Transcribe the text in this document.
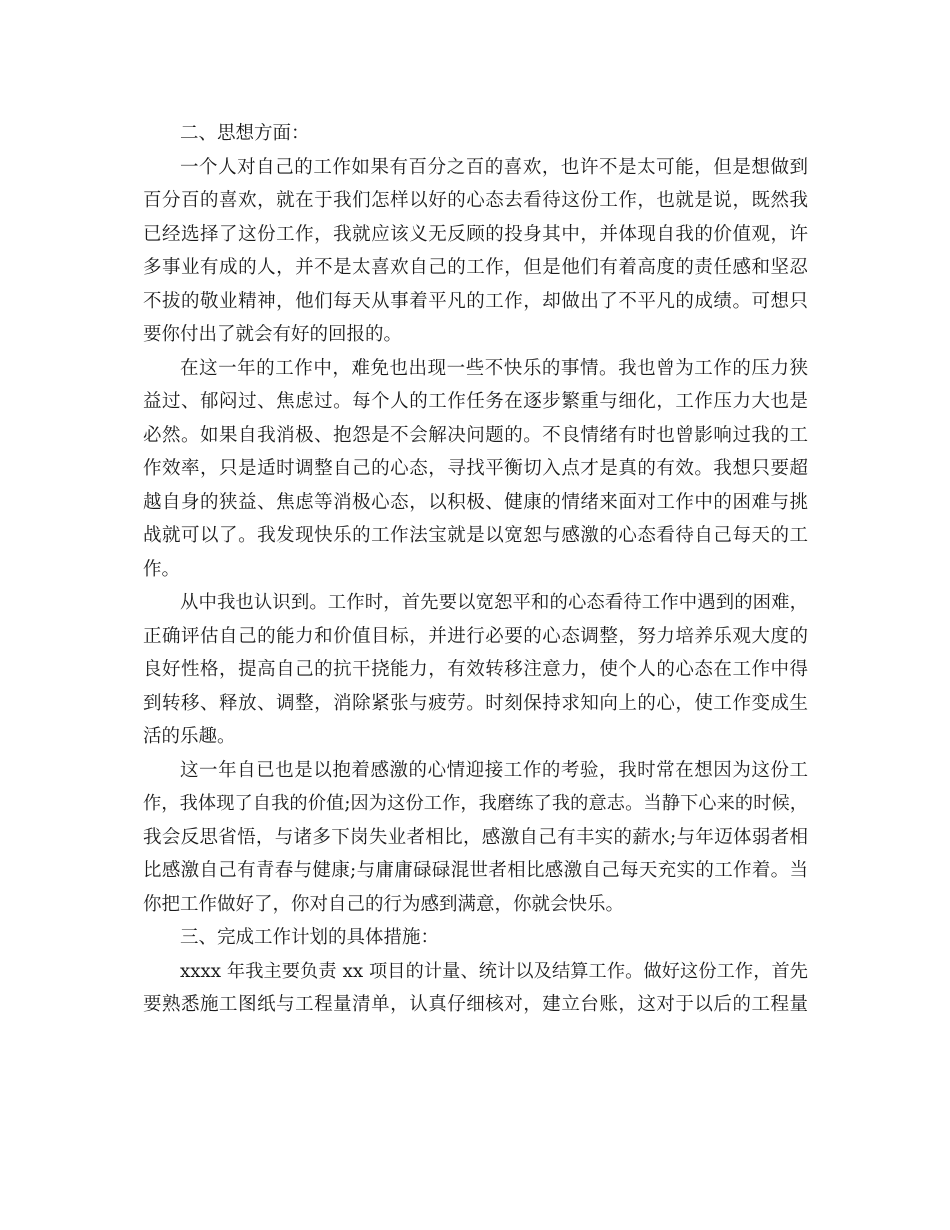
二、思想方面：
一个人对自己的工作如果有百分之百的喜欢，也许不是太可能，但是想做到
百分百的喜欢，就在于我们怎样以好的心态去看待这份工作，也就是说，既然我
已经选择了这份工作，我就应该义无反顾的投身其中，并体现自我的价值观，许
多事业有成的人，并不是太喜欢自己的工作，但是他们有着高度的责任感和坚忍
不拔的敬业精神，他们每天从事着平凡的工作，却做出了不平凡的成绩。可想只
要你付出了就会有好的回报的。
在这一年的工作中，难免也出现一些不快乐的事情。我也曾为工作的压力狭
益过、郁闷过、焦虑过。每个人的工作任务在逐步繁重与细化，工作压力大也是
必然。如果自我消极、抱怨是不会解决问题的。不良情绪有时也曾影响过我的工
作效率，只是适时调整自己的心态，寻找平衡切入点才是真的有效。我想只要超
越自身的狭益、焦虑等消极心态，以积极、健康的情绪来面对工作中的困难与挑
战就可以了。我发现快乐的工作法宝就是以宽恕与感激的心态看待自己每天的工
作。
从中我也认识到。工作时，首先要以宽恕平和的心态看待工作中遇到的困难，
正确评估自己的能力和价值目标，并进行必要的心态调整，努力培养乐观大度的
良好性格，提高自己的抗干挠能力，有效转移注意力，使个人的心态在工作中得
到转移、释放、调整，消除紧张与疲劳。时刻保持求知向上的心，使工作变成生
活的乐趣。
这一年自已也是以抱着感激的心情迎接工作的考验，我时常在想因为这份工
作，我体现了自我的价值;因为这份工作，我磨练了我的意志。当静下心来的时候，
我会反思省悟，与诸多下岗失业者相比，感激自己有丰实的薪水;与年迈体弱者相
比感激自己有青春与健康;与庸庸碌碌混世者相比感激自己每天充实的工作着。当
你把工作做好了，你对自己的行为感到满意，你就会快乐。
三、完成工作计划的具体措施：
xxxx 年我主要负责 xx 项目的计量、统计以及结算工作。做好这份工作，首先
要熟悉施工图纸与工程量清单，认真仔细核对，建立台账，这对于以后的工程量
